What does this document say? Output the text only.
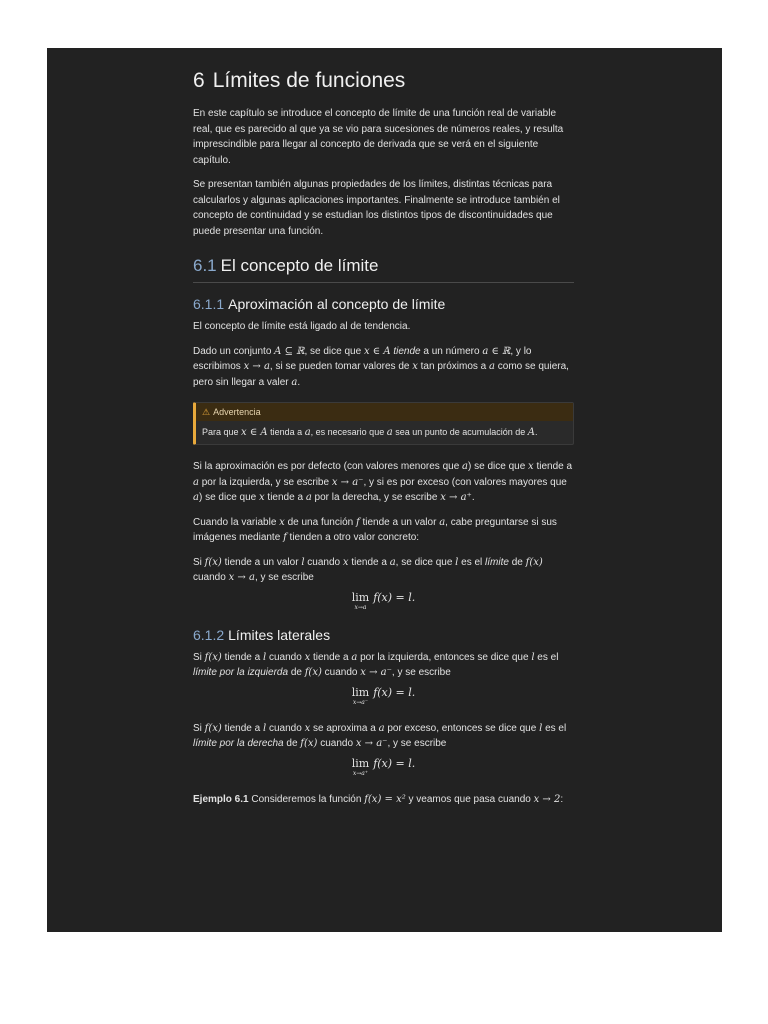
6 Límites de funciones

En este capítulo se introduce el concepto de límite de una función real de variable real, que es parecido al que ya se vio para sucesiones de números reales, y resulta imprescindible para llegar al concepto de derivada que se verá en el siguiente capítulo.

Se presentan también algunas propiedades de los límites, distintas técnicas para calcularlos y algunas aplicaciones importantes. Finalmente se introduce también el concepto de continuidad y se estudian los distintos tipos de discontinuidades que puede presentar una función.

6.1 El concepto de límite
6.1.1 Aproximación al concepto de límite

El concepto de límite está ligado al de tendencia.

Dado un conjunto A ⊆ ℝ, se dice que x ∈ A tiende a un número a ∈ ℝ, y lo escribimos x → a, si se pueden tomar valores de x tan próximos a a como se quiera, pero sin llegar a valer a.

⚠ Advertencia
Para que x ∈ A tienda a a, es necesario que a sea un punto de acumulación de A.

Si la aproximación es por defecto (con valores menores que a) se dice que x tiende a a por la izquierda, y se escribe x → a⁻, y si es por exceso (con valores mayores que a) se dice que x tiende a a por la derecha, y se escribe x → a⁺.

Cuando la variable x de una función f tiende a un valor a, cabe preguntarse si sus imágenes mediante f tienden a otro valor concreto:

Si f(x) tiende a un valor l cuando x tiende a a, se dice que l es el límite de f(x) cuando x → a, y se escribe

lim
x→a
f(x) = l.
6.1.2 Límites laterales

Si f(x) tiende a l cuando x tiende a a por la izquierda, entonces se dice que l es el límite por la izquierda de f(x) cuando x → a⁻, y se escribe

lim
x→a⁻
f(x) = l.

Si f(x) tiende a l cuando x se aproxima a a por exceso, entonces se dice que l es el límite por la derecha de f(x) cuando x → a⁻, y se escribe

lim
x→a⁺
f(x) = l.

Ejemplo 6.1 Consideremos la función f(x) = x² y veamos que pasa cuando x → 2:
